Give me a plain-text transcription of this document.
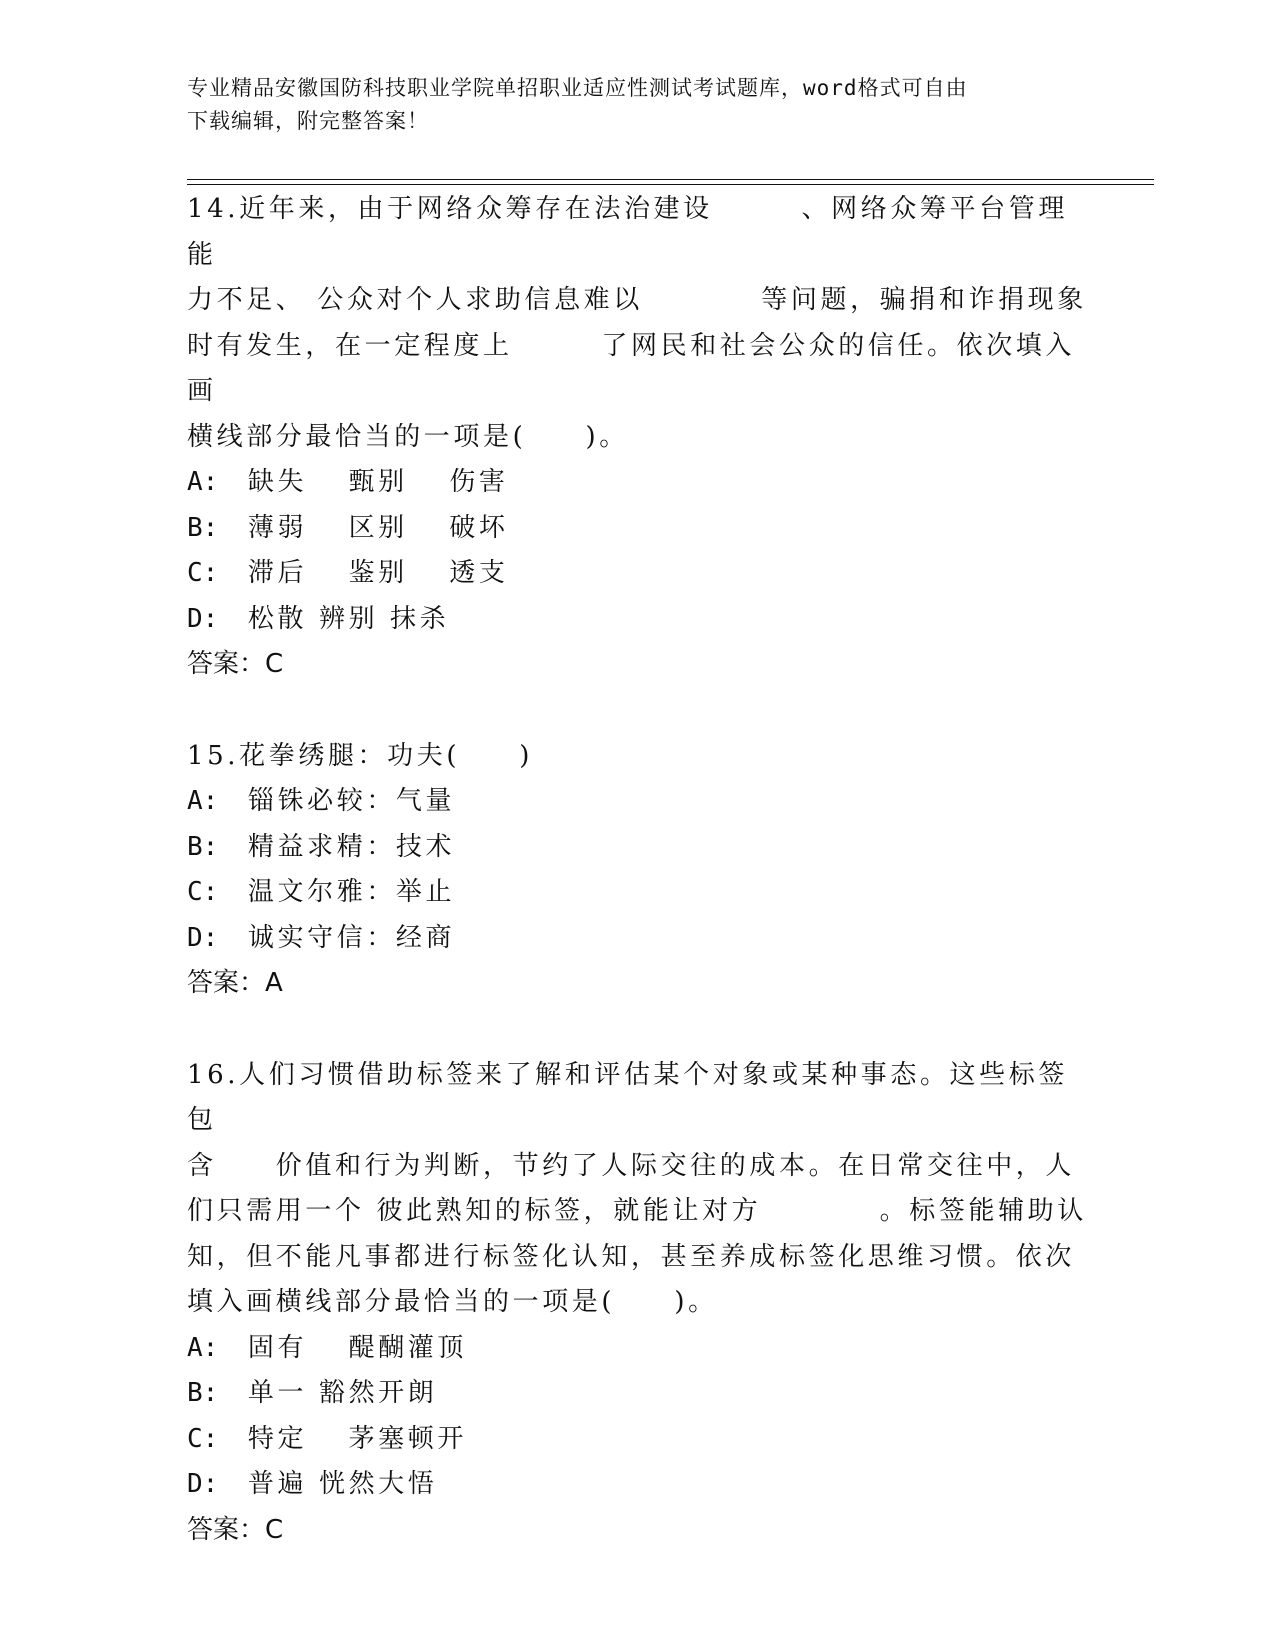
专业精品安徽国防科技职业学院单招职业适应性测试考试题库，word格式可自由
下载编辑，附完整答案！
14.近年来，由于网络众筹存在法治建设　　　、网络众筹平台管理能
力不足、 公众对个人求助信息难以　　　　等问题，骗捐和诈捐现象
时有发生，在一定程度上　　　了网民和社会公众的信任。依次填入画
横线部分最恰当的一项是(　　)。
A:　缺失　 甄别　 伤害
B:　薄弱　 区别　 破坏
C:　滞后　 鉴别　 透支
D:　松散 辨别 抹杀
答案：C
15.花拳绣腿：功夫(　　)
A:　锱铢必较：气量
B:　精益求精：技术
C:　温文尔雅：举止
D:　诚实守信：经商
答案：A
16.人们习惯借助标签来了解和评估某个对象或某种事态。这些标签包
含　　价值和行为判断，节约了人际交往的成本。在日常交往中，人
们只需用一个 彼此熟知的标签，就能让对方　　　　。标签能辅助认
知，但不能凡事都进行标签化认知，甚至养成标签化思维习惯。依次
填入画横线部分最恰当的一项是(　　)。
A:　固有　 醍醐灌顶
B:　单一 豁然开朗
C:　特定　 茅塞顿开
D:　普遍 恍然大悟
答案：C
